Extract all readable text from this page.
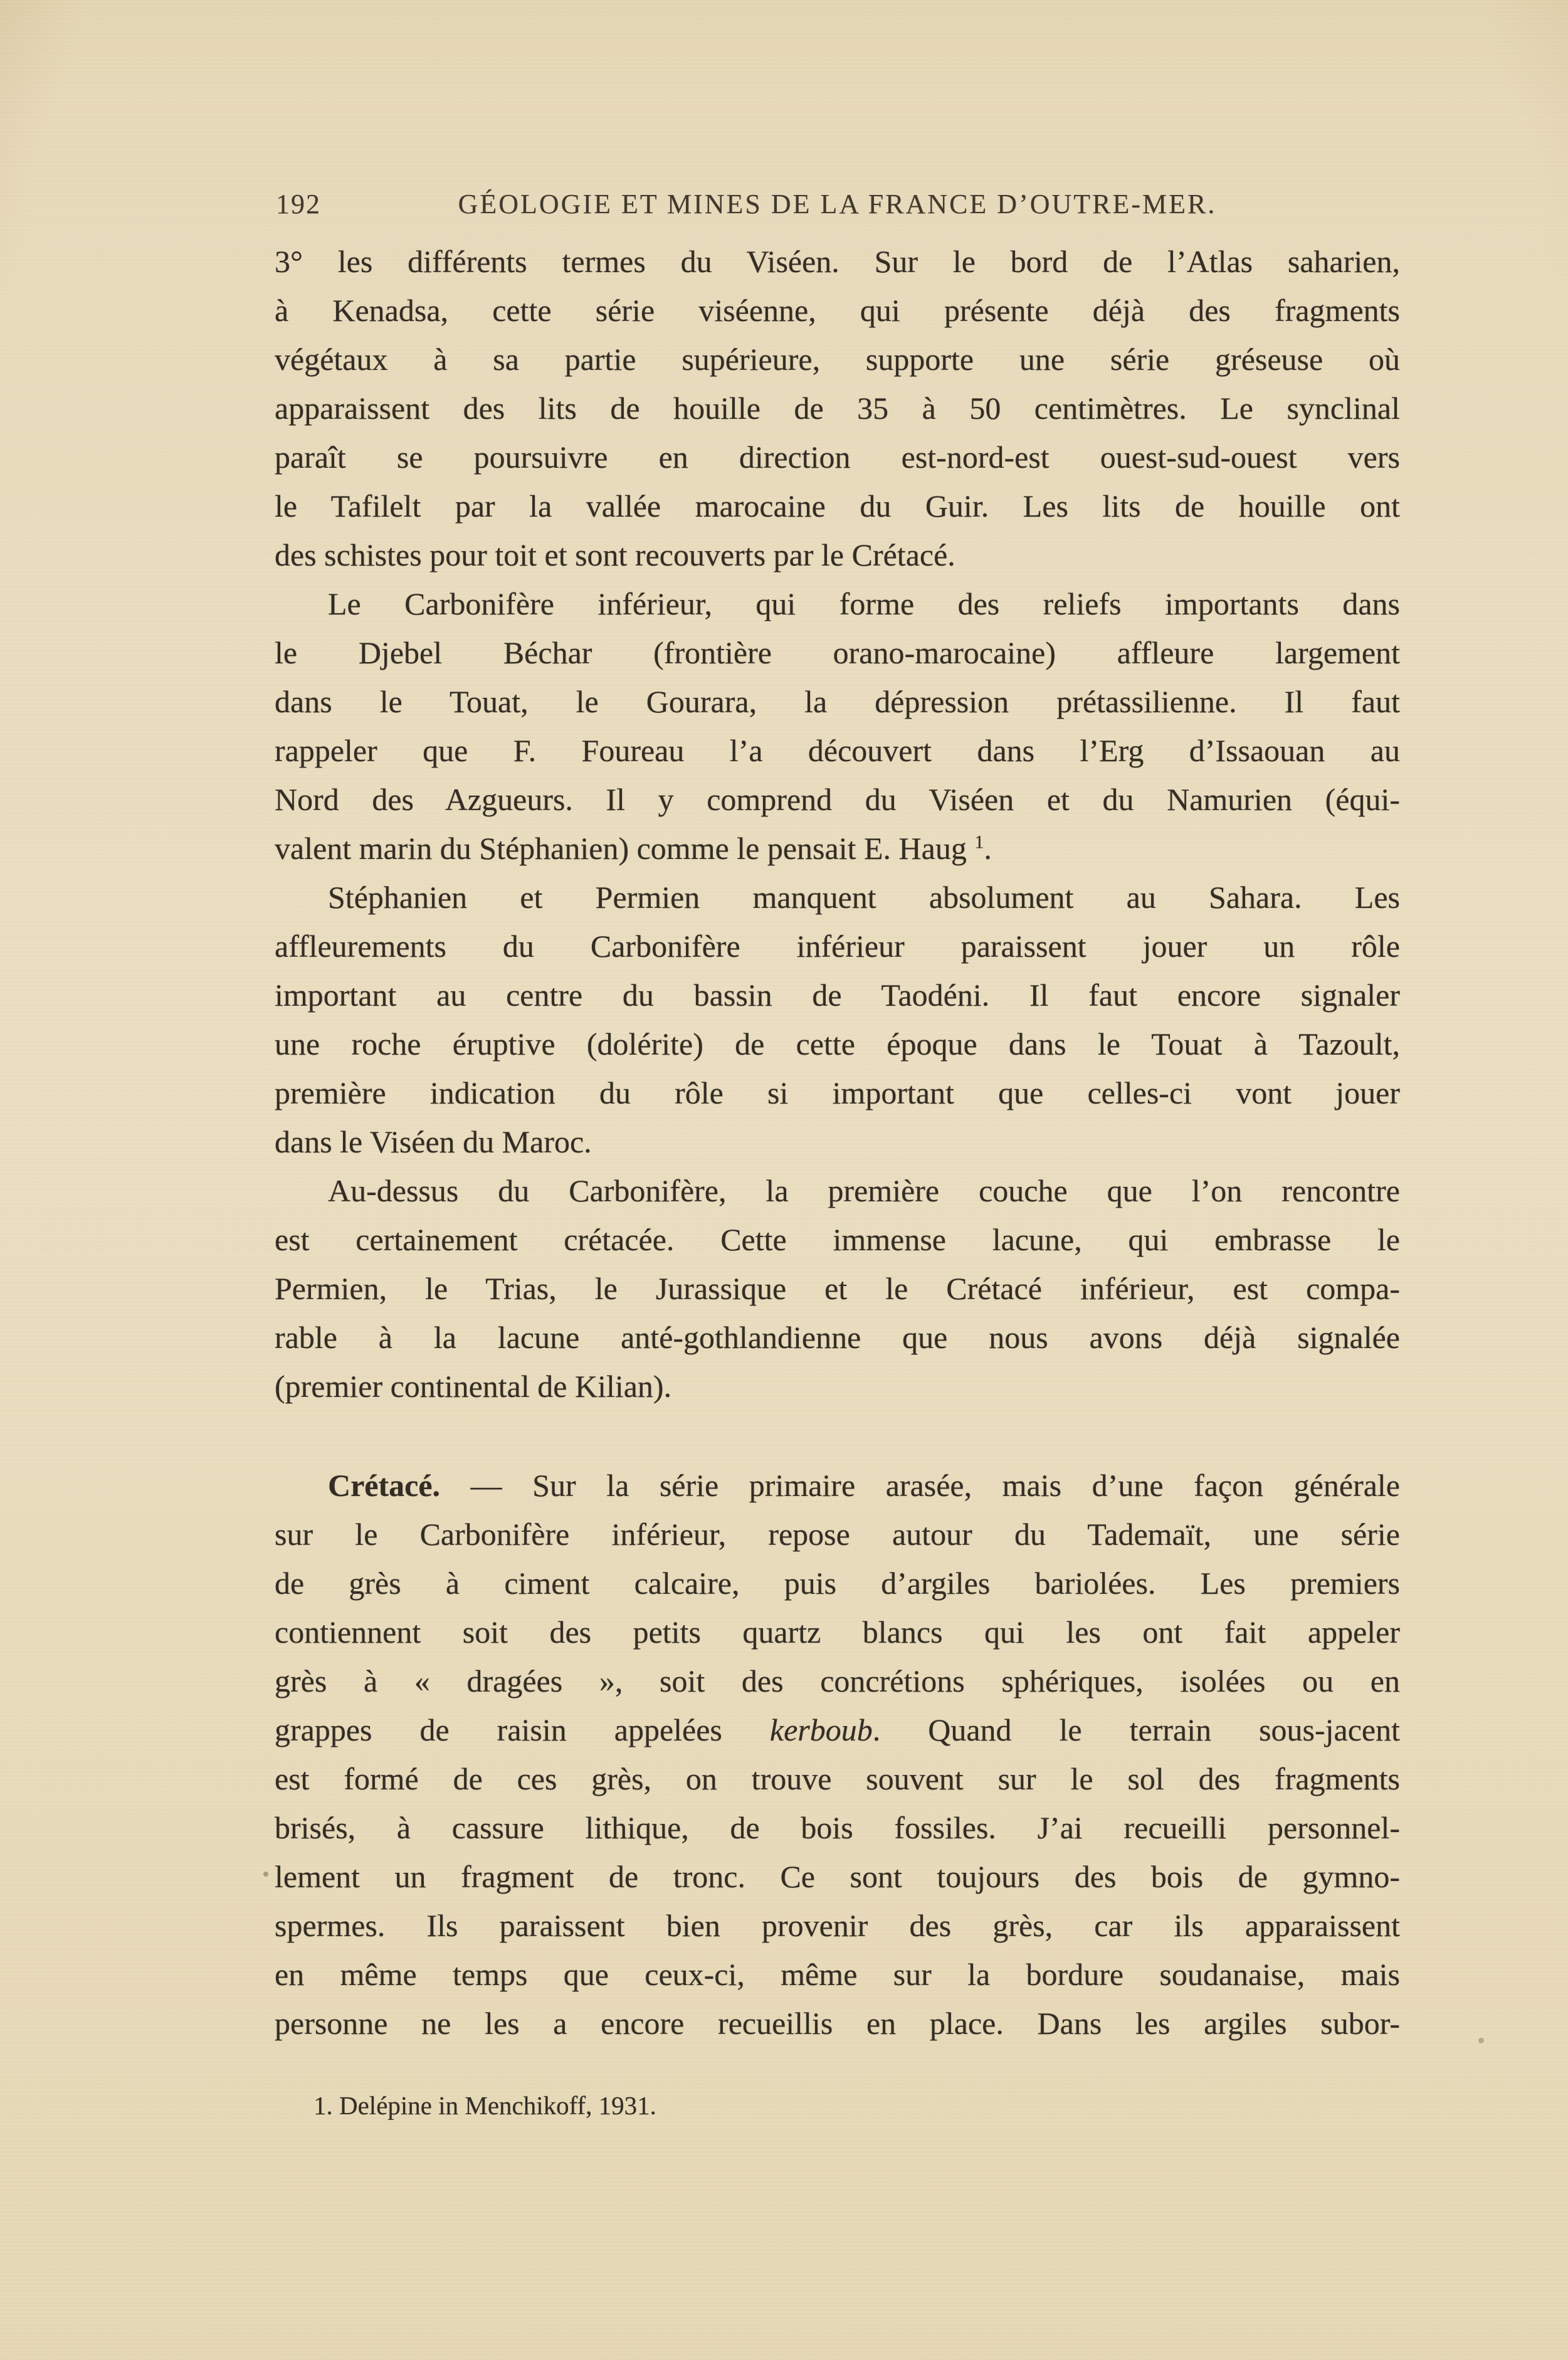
192	GÉOLOGIE ET MINES DE LA FRANCE D’OUTRE-MER.
3° les différents termes du Viséen. Sur le bord de l’Atlas saharien,
à Kenadsa, cette série viséenne, qui présente déjà des fragments
végétaux à sa partie supérieure, supporte une série gréseuse où
apparaissent des lits de houille de 35 à 50 centimètres. Le synclinal
paraît se poursuivre en direction est-nord-est ouest-sud-ouest vers
le Tafilelt par la vallée marocaine du Guir. Les lits de houille ont
des schistes pour toit et sont recouverts par le Crétacé.
Le Carbonifère inférieur, qui forme des reliefs importants dans
le Djebel Béchar (frontière orano-marocaine) affleure largement
dans le Touat, le Gourara, la dépression prétassilienne. Il faut
rappeler que F. Foureau l’a découvert dans l’Erg d’Issaouan au
Nord des Azgueurs. Il y comprend du Viséen et du Namurien (équi-
valent marin du Stéphanien) comme le pensait E. Haug $^1$.
Stéphanien et Permien manquent absolument au Sahara. Les
affleurements du Carbonifère inférieur paraissent jouer un rôle
important au centre du bassin de Taodéni. Il faut encore signaler
une roche éruptive (dolérite) de cette époque dans le Touat à Tazoult,
première indication du rôle si important que celles-ci vont jouer
dans le Viséen du Maroc.
Au-dessus du Carbonifère, la première couche que l’on rencontre
est certainement crétacée. Cette immense lacune, qui embrasse le
Permien, le Trias, le Jurassique et le Crétacé inférieur, est compa-
rable à la lacune anté-gothlandienne que nous avons déjà signalée
(premier continental de Kilian).
Crétacé. — Sur la série primaire arasée, mais d’une façon générale
sur le Carbonifère inférieur, repose autour du Tademaït, une série
de grès à ciment calcaire, puis d’argiles bariolées. Les premiers
contiennent soit des petits quartz blancs qui les ont fait appeler
grès à « dragées », soit des concrétions sphériques, isolées ou en
grappes de raisin appelées kerboub. Quand le terrain sous-jacent
est formé de ces grès, on trouve souvent sur le sol des fragments
brisés, à cassure lithique, de bois fossiles. J’ai recueilli personnel-
lement un fragment de tronc. Ce sont toujours des bois de gymno-
spermes. Ils paraissent bien provenir des grès, car ils apparaissent
en même temps que ceux-ci, même sur la bordure soudanaise, mais
personne ne les a encore recueillis en place. Dans les argiles subor-
1. Delépine in Menchikoff, 1931.
